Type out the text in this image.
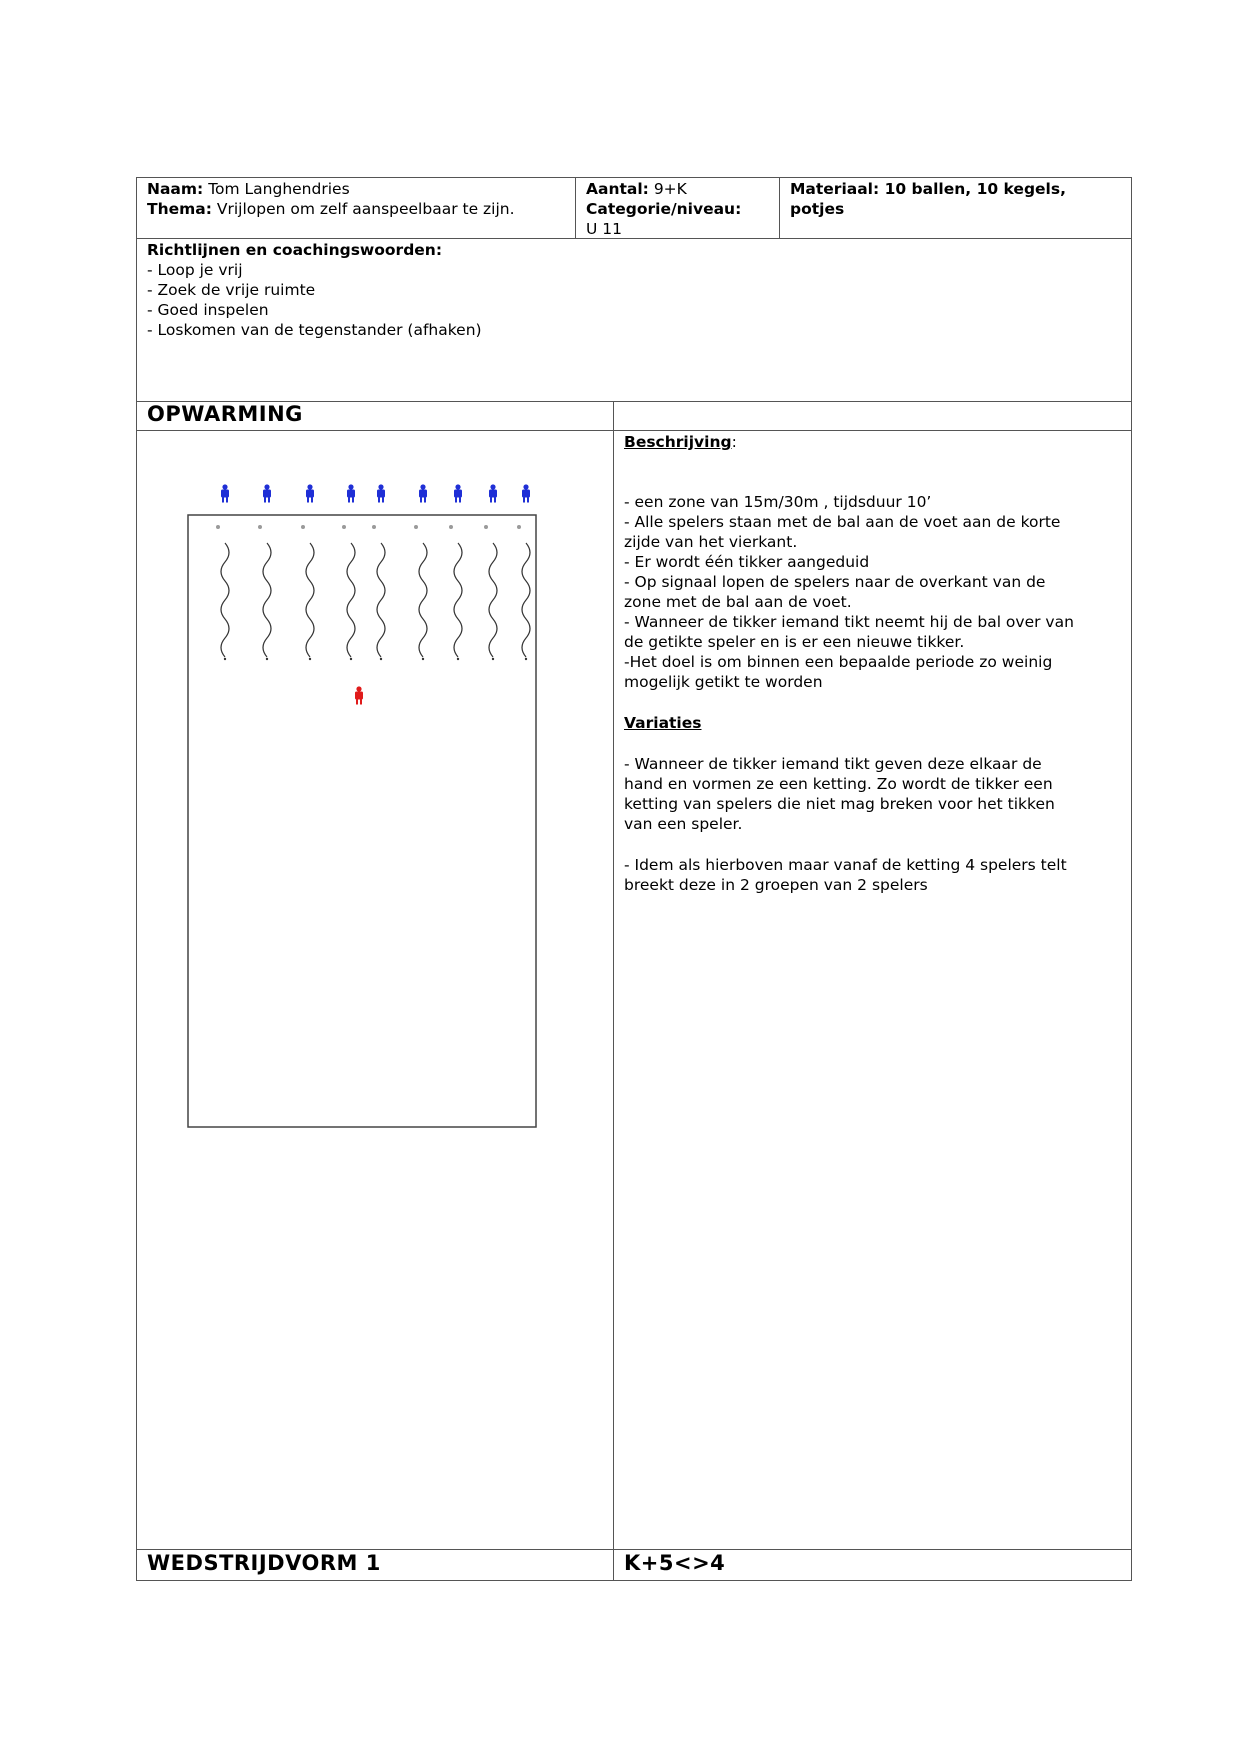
Naam: Tom Langhendries
Thema: Vrijlopen om zelf aanspeelbaar te zijn.
Aantal: 9+K
Categorie/niveau:
U 11
Materiaal: 10 ballen, 10 kegels,
potjes
Richtlijnen en coachingswoorden:
- Loop je vrij
- Zoek de vrije ruimte
- Goed inspelen
- Loskomen van de tegenstander (afhaken)
OPWARMING
Beschrijving:
- een zone van 15m/30m , tijdsduur 10’
- Alle spelers staan met de bal aan de voet aan de korte
zijde van het vierkant.
- Er wordt één tikker aangeduid
- Op signaal lopen de spelers naar de overkant van de
zone met de bal aan de voet.
- Wanneer de tikker iemand tikt neemt hij de bal over van
de getikte speler en is er een nieuwe tikker.
-Het doel is om binnen een bepaalde periode zo weinig
mogelijk getikt te worden
Variaties
- Wanneer de tikker iemand tikt geven deze elkaar de
hand en vormen ze een ketting. Zo wordt de tikker een
ketting van spelers die niet mag breken voor het tikken
van een speler.
- Idem als hierboven maar vanaf de ketting 4 spelers telt
breekt deze in 2 groepen van 2 spelers
WEDSTRIJDVORM 1	K+5<>4
